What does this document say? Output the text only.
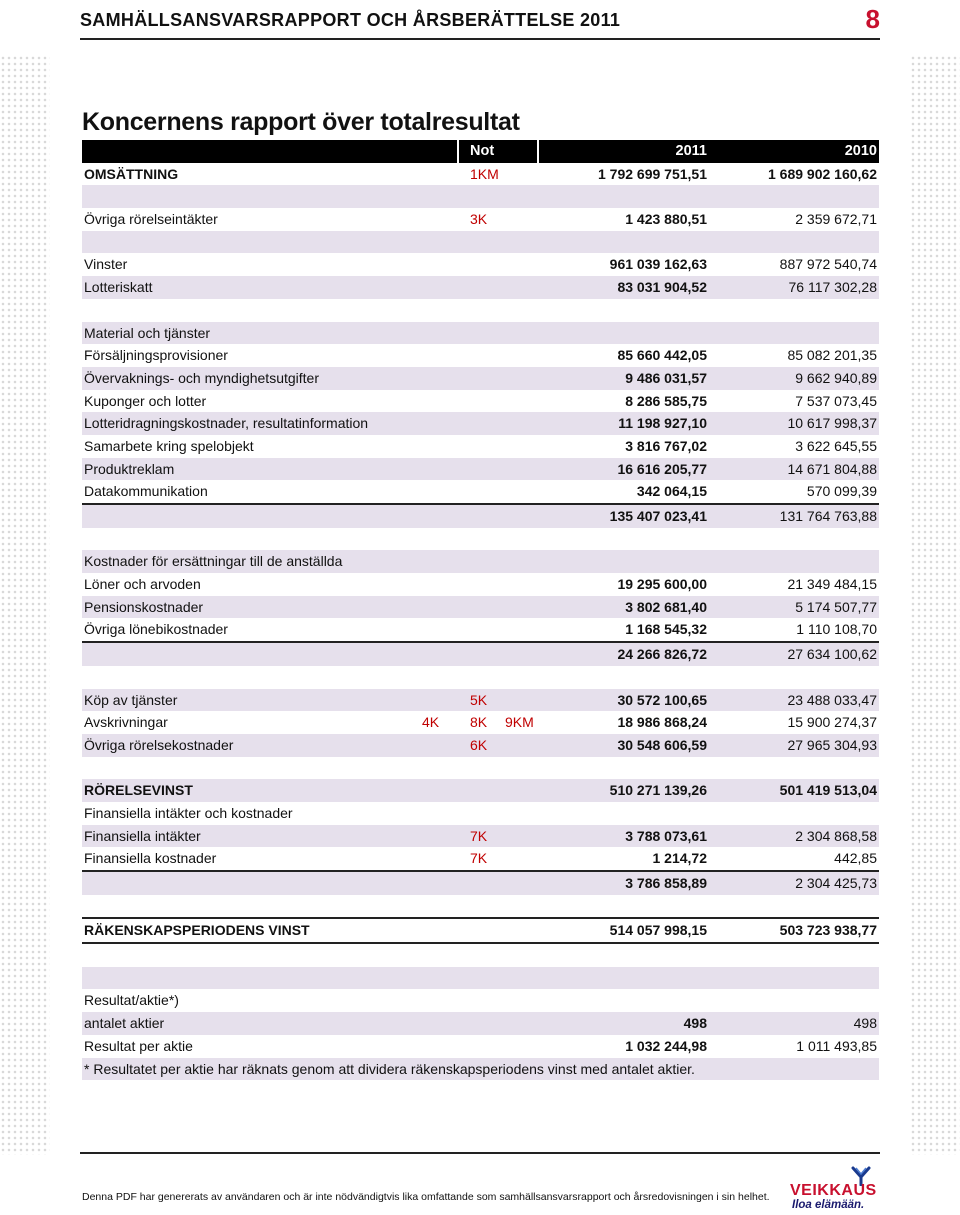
SAMHÄLLSANSVARSRAPPORT OCH ÅRSBERÄTTELSE 2011	8
Koncernens rapport över totalresultat
Not	2011	2010
OMSÄTTNING	1KM	1 792 699 751,51	1 689 902 160,62
Övriga rörelseintäkter	3K	1 423 880,51	2 359 672,71
Vinster	961 039 162,63	887 972 540,74
Lotteriskatt	83 031 904,52	76 117 302,28
Material och tjänster
Försäljningsprovisioner	85 660 442,05	85 082 201,35
Övervaknings- och myndighetsutgifter	9 486 031,57	9 662 940,89
Kuponger och lotter	8 286 585,75	7 537 073,45
Lotteridragningskostnader, resultatinformation	11 198 927,10	10 617 998,37
Samarbete kring spelobjekt	3 816 767,02	3 622 645,55
Produktreklam	16 616 205,77	14 671 804,88
Datakommunikation	342 064,15	570 099,39
135 407 023,41	131 764 763,88
Kostnader för ersättningar till de anställda
Löner och arvoden	19 295 600,00	21 349 484,15
Pensionskostnader	3 802 681,40	5 174 507,77
Övriga lönebikostnader	1 168 545,32	1 110 108,70
24 266 826,72	27 634 100,62
Köp av tjänster	5K	30 572 100,65	23 488 033,47
Avskrivningar	4K 8K 9KM	18 986 868,24	15 900 274,37
Övriga rörelsekostnader	6K	30 548 606,59	27 965 304,93
RÖRELSEVINST	510 271 139,26	501 419 513,04
Finansiella intäkter och kostnader
Finansiella intäkter	7K	3 788 073,61	2 304 868,58
Finansiella kostnader	7K	1 214,72	442,85
3 786 858,89	2 304 425,73
RÄKENSKAPSPERIODENS VINST	514 057 998,15	503 723 938,77
Resultat/aktie*)
antalet aktier	498	498
Resultat per aktie	1 032 244,98	1 011 493,85
* Resultatet per aktie har räknats genom att dividera räkenskapsperiodens vinst med antalet aktier.
Denna PDF har genererats av användaren och är inte nödvändigtvis lika omfattande som samhällsansvarsrapport och årsredovisningen i sin helhet. VEIKKAUS
Iloa elämään.
